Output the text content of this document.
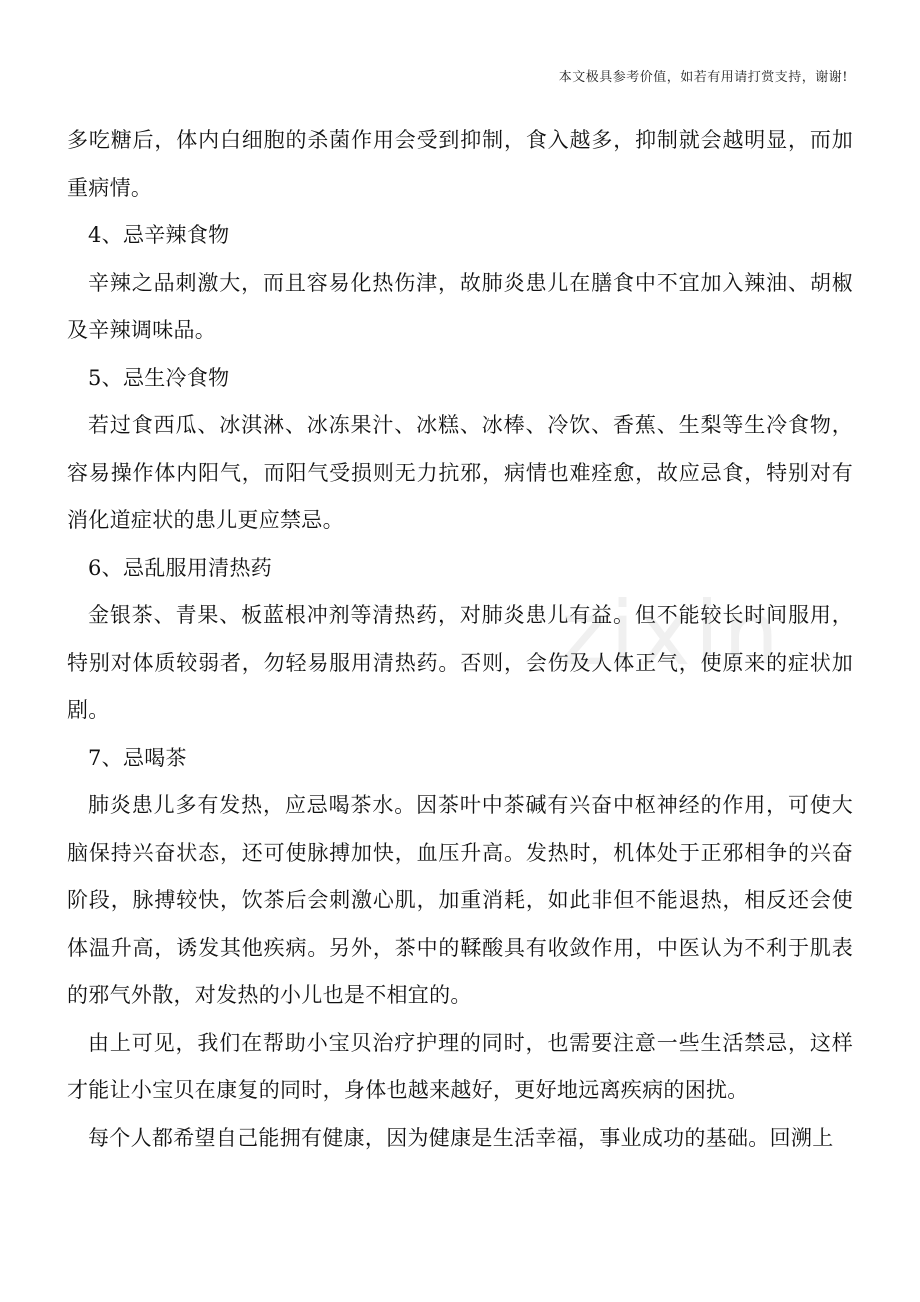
本文极具参考价值，如若有用请打赏支持，谢谢!
zixin

多吃糖后，体内白细胞的杀菌作用会受到抑制，食入越多，抑制就会越明显，而加重病情。

4、忌辛辣食物

辛辣之品刺激大，而且容易化热伤津，故肺炎患儿在膳食中不宜加入辣油、胡椒及辛辣调味品。

5、忌生冷食物

若过食西瓜、冰淇淋、冰冻果汁、冰糕、冰棒、冷饮、香蕉、生梨等生冷食物，容易操作体内阳气，而阳气受损则无力抗邪，病情也难痊愈，故应忌食，特别对有消化道症状的患儿更应禁忌。

6、忌乱服用清热药

金银茶、青果、板蓝根冲剂等清热药，对肺炎患儿有益。但不能较长时间服用，特别对体质较弱者，勿轻易服用清热药。否则，会伤及人体正气，使原来的症状加剧。

7、忌喝茶

肺炎患儿多有发热，应忌喝茶水。因茶叶中茶碱有兴奋中枢神经的作用，可使大脑保持兴奋状态，还可使脉搏加快，血压升高。发热时，机体处于正邪相争的兴奋阶段，脉搏较快，饮茶后会刺激心肌，加重消耗，如此非但不能退热，相反还会使体温升高，诱发其他疾病。另外，茶中的鞣酸具有收敛作用，中医认为不利于肌表的邪气外散，对发热的小儿也是不相宜的。

由上可见，我们在帮助小宝贝治疗护理的同时，也需要注意一些生活禁忌，这样才能让小宝贝在康复的同时，身体也越来越好，更好地远离疾病的困扰。

每个人都希望自己能拥有健康，因为健康是生活幸福，事业成功的基础。回溯上
